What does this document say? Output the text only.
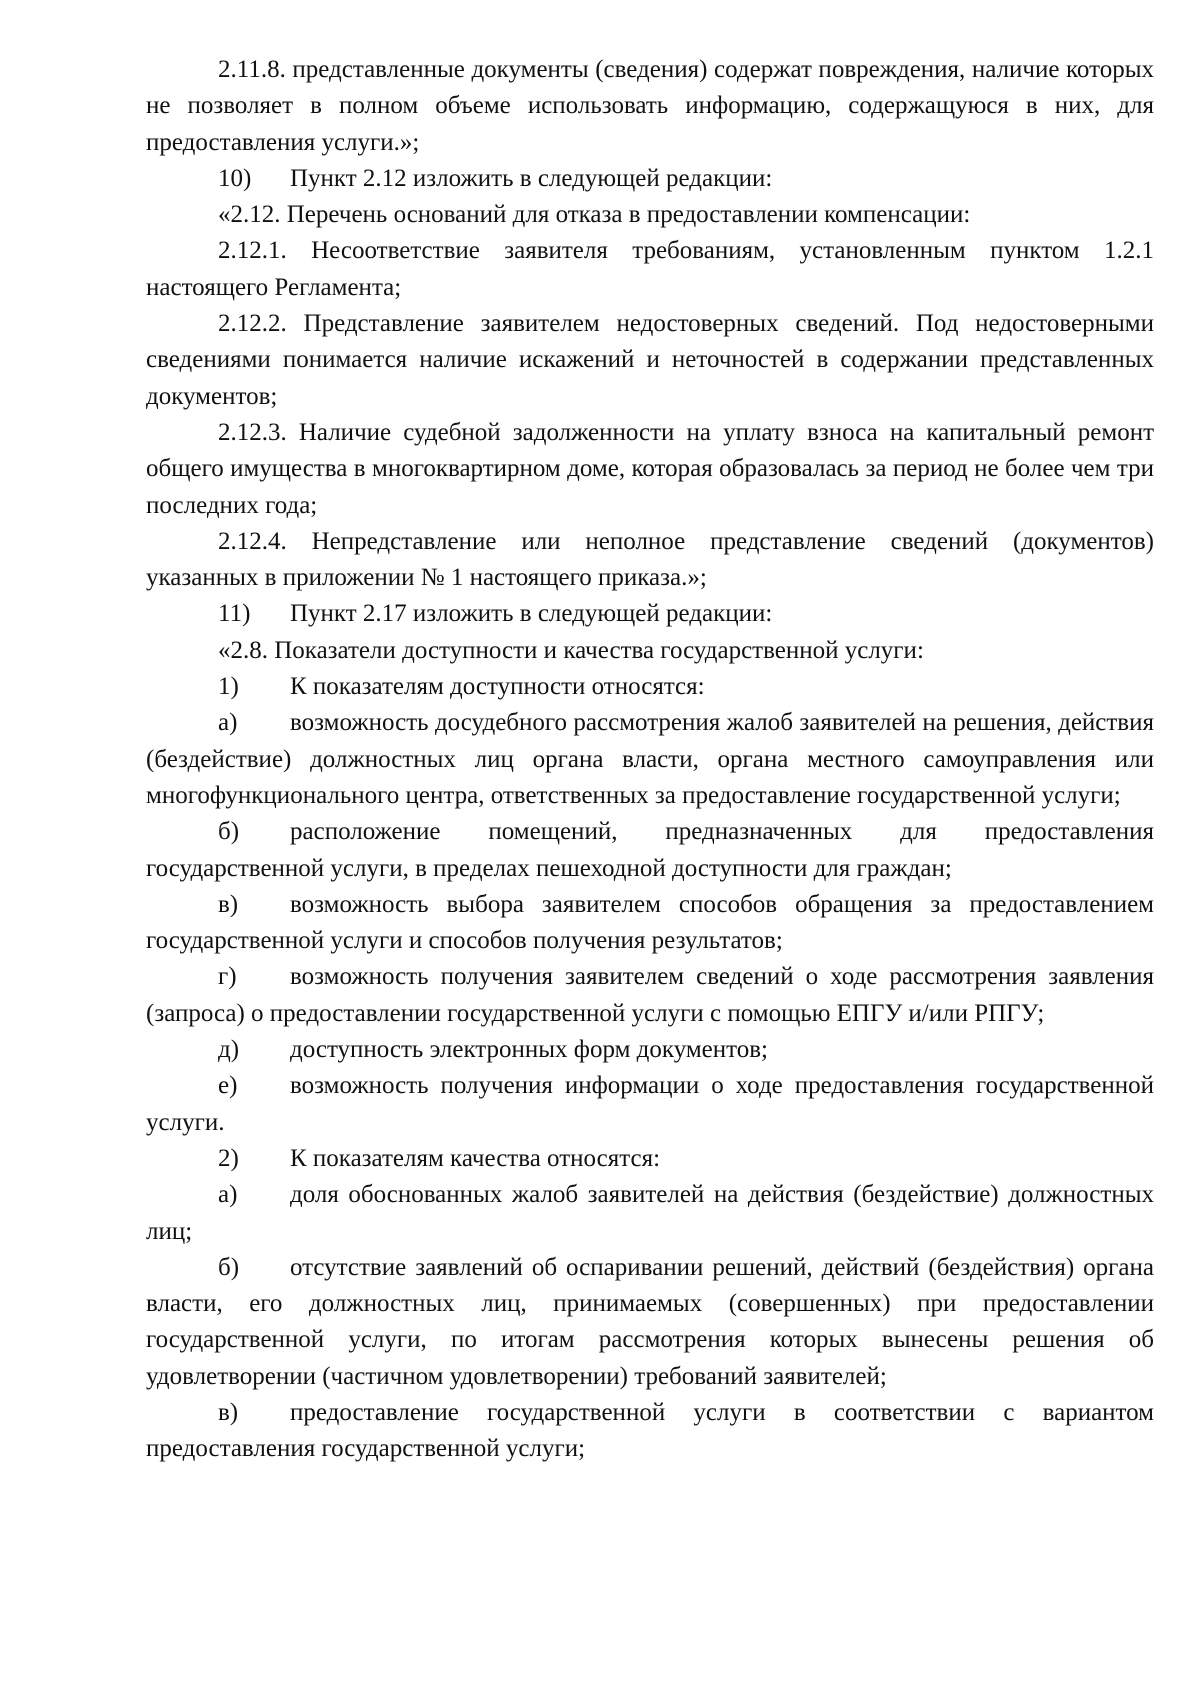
2.11.8. представленные документы (сведения) содержат повреждения, наличие которых не позволяет в полном объеме использовать информацию, содержащуюся в них, для предоставления услуги.»;

10) Пункт 2.12 изложить в следующей редакции:

«2.12. Перечень оснований для отказа в предоставлении компенсации:

2.12.1. Несоответствие заявителя требованиям, установленным пунктом 1.2.1 настоящего Регламента;

2.12.2. Представление заявителем недостоверных сведений. Под недостоверными сведениями понимается наличие искажений и неточностей в содержании представленных документов;

2.12.3. Наличие судебной задолженности на уплату взноса на капитальный ремонт общего имущества в многоквартирном доме, которая образовалась за период не более чем три последних года;

2.12.4. Непредставление или неполное представление сведений (документов) указанных в приложении № 1 настоящего приказа.»;

11) Пункт 2.17 изложить в следующей редакции:

«2.8. Показатели доступности и качества государственной услуги:

1) К показателям доступности относятся:

а) возможность досудебного рассмотрения жалоб заявителей на решения, действия (бездействие) должностных лиц органа власти, органа местного самоуправления или многофункционального центра, ответственных за предоставление государственной услуги;

б) расположение помещений, предназначенных для предоставления государственной услуги, в пределах пешеходной доступности для граждан;

в) возможность выбора заявителем способов обращения за предоставлением государственной услуги и способов получения результатов;

г) возможность получения заявителем сведений о ходе рассмотрения заявления (запроса) о предоставлении государственной услуги с помощью ЕПГУ и/или РПГУ;

д) доступность электронных форм документов;

е) возможность получения информации о ходе предоставления государственной услуги.

2) К показателям качества относятся:

а) доля обоснованных жалоб заявителей на действия (бездействие) должностных лиц;

б) отсутствие заявлений об оспаривании решений, действий (бездействия) органа власти, его должностных лиц, принимаемых (совершенных) при предоставлении государственной услуги, по итогам рассмотрения которых вынесены решения об удовлетворении (частичном удовлетворении) требований заявителей;

в) предоставление государственной услуги в соответствии с вариантом предоставления государственной услуги;
